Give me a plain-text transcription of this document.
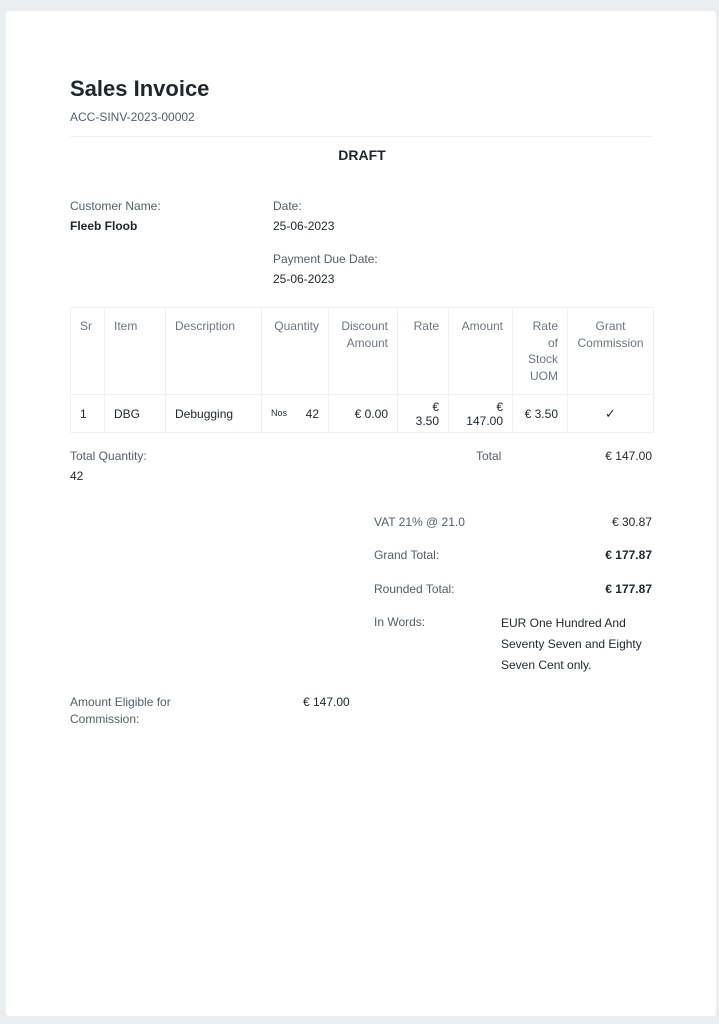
Sales Invoice
ACC-SINV-2023-00002
DRAFT
Customer Name:
Fleeb Floob
Date:
25-06-2023
Payment Due Date:
25-06-2023
Sr	Item	Description	Quantity	Discount Amount	Rate	Amount	Rate of Stock UOM	Grant Commission
1	DBG	Debugging	Nos 42	€ 0.00	€ 3.50	€ 147.00	€ 3.50	✓
Total Quantity:
42
Total	€ 147.00
VAT 21% @ 21.0	€ 30.87
Grand Total:	€ 177.87
Rounded Total:	€ 177.87
In Words:	EUR One Hundred And Seventy Seven and Eighty Seven Cent only.
Amount Eligible for Commission:
€ 147.00
